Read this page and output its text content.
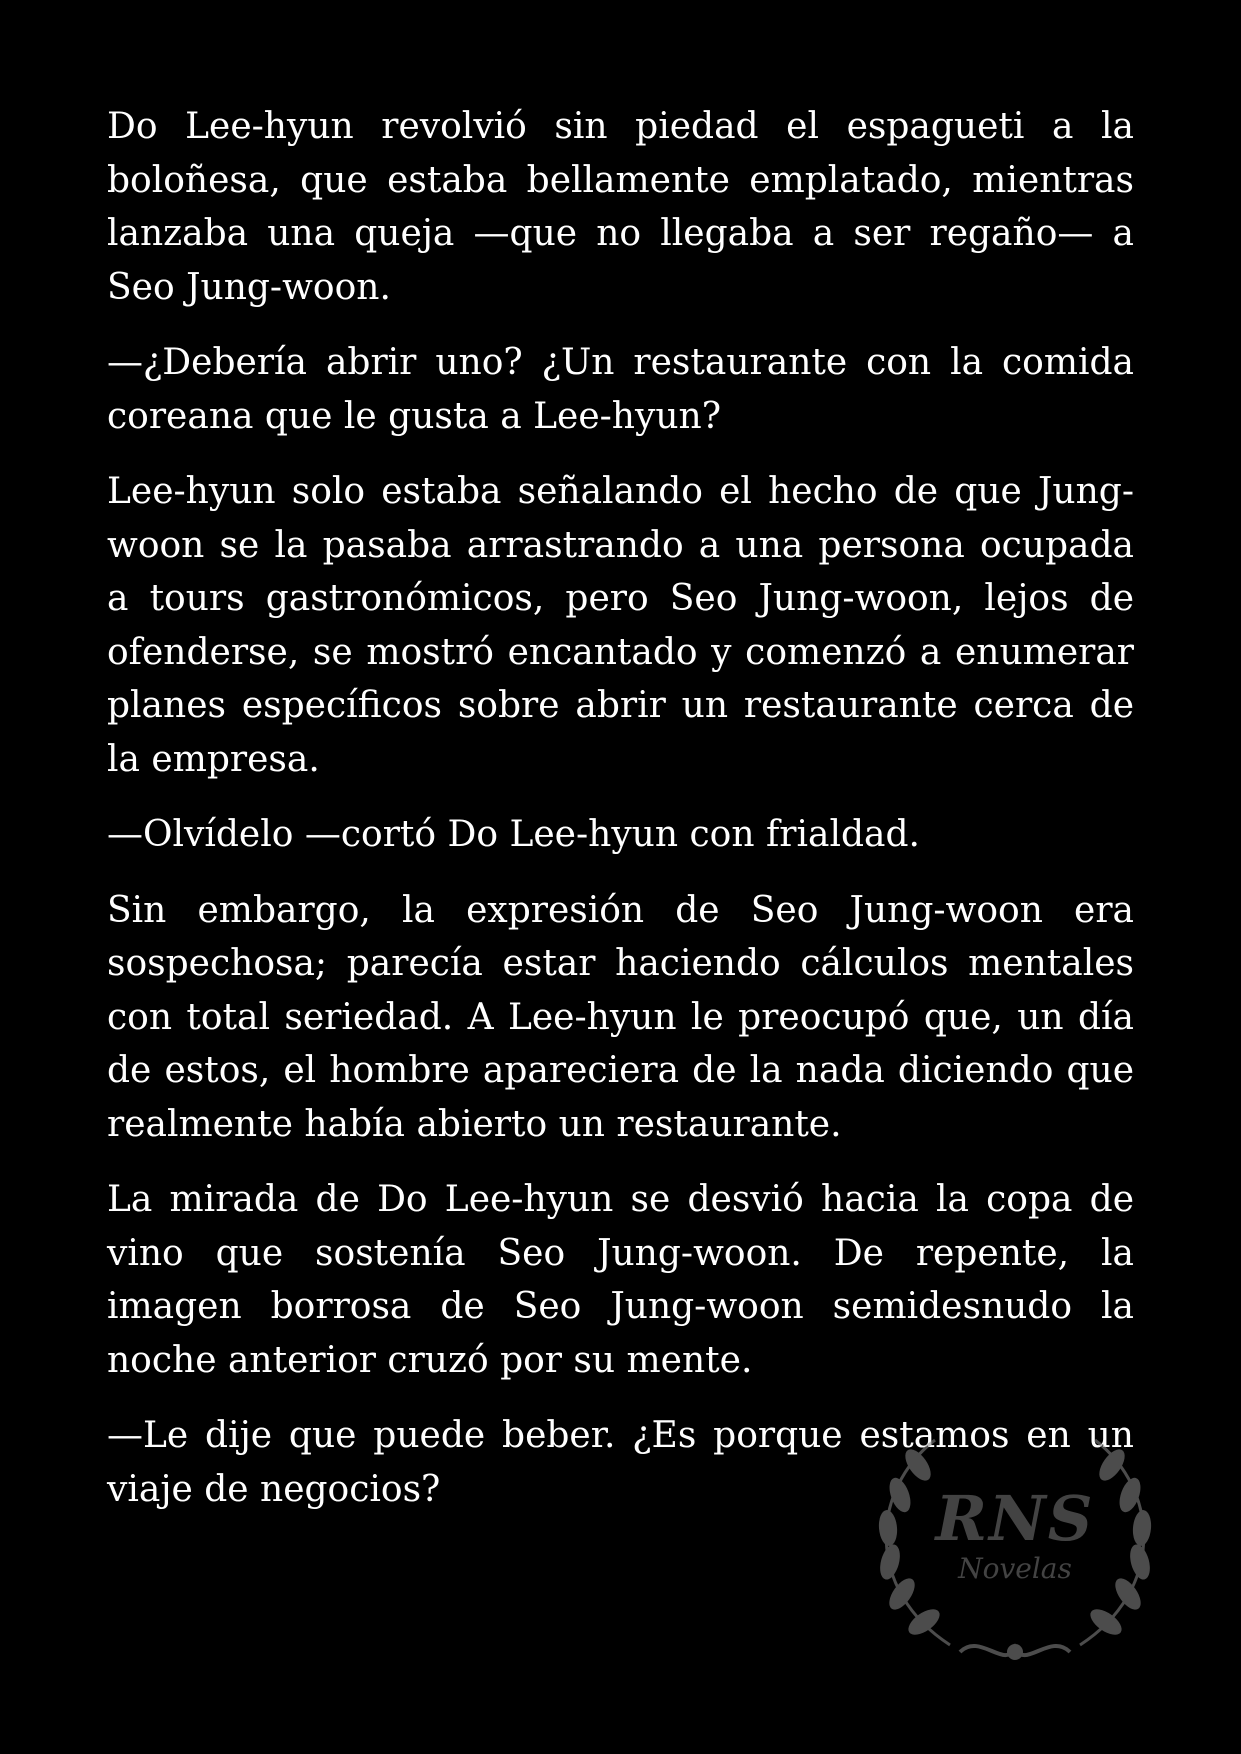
Do Lee-hyun revolvió sin piedad el espagueti a la boloñesa, que estaba bellamente emplatado, mientras lanzaba una queja —que no llegaba a ser regaño— a Seo Jung-woon.

—¿Debería abrir uno? ¿Un restaurante con la comida coreana que le gusta a Lee-hyun?

Lee-hyun solo estaba señalando el hecho de que Jung-woon se la pasaba arrastrando a una persona ocupada a tours gastronómicos, pero Seo Jung-woon, lejos de ofenderse, se mostró encantado y comenzó a enumerar planes específicos sobre abrir un restaurante cerca de la empresa.

—Olvídelo —cortó Do Lee-hyun con frialdad.

Sin embargo, la expresión de Seo Jung-woon era sospechosa; parecía estar haciendo cálculos mentales con total seriedad. A Lee-hyun le preocupó que, un día de estos, el hombre apareciera de la nada diciendo que realmente había abierto un restaurante.

La mirada de Do Lee-hyun se desvió hacia la copa de vino que sostenía Seo Jung-woon. De repente, la imagen borrosa de Seo Jung-woon semidesnudo la noche anterior cruzó por su mente.

—Le dije que puede beber. ¿Es porque estamos en un viaje de negocios?	RNS
Novelas
